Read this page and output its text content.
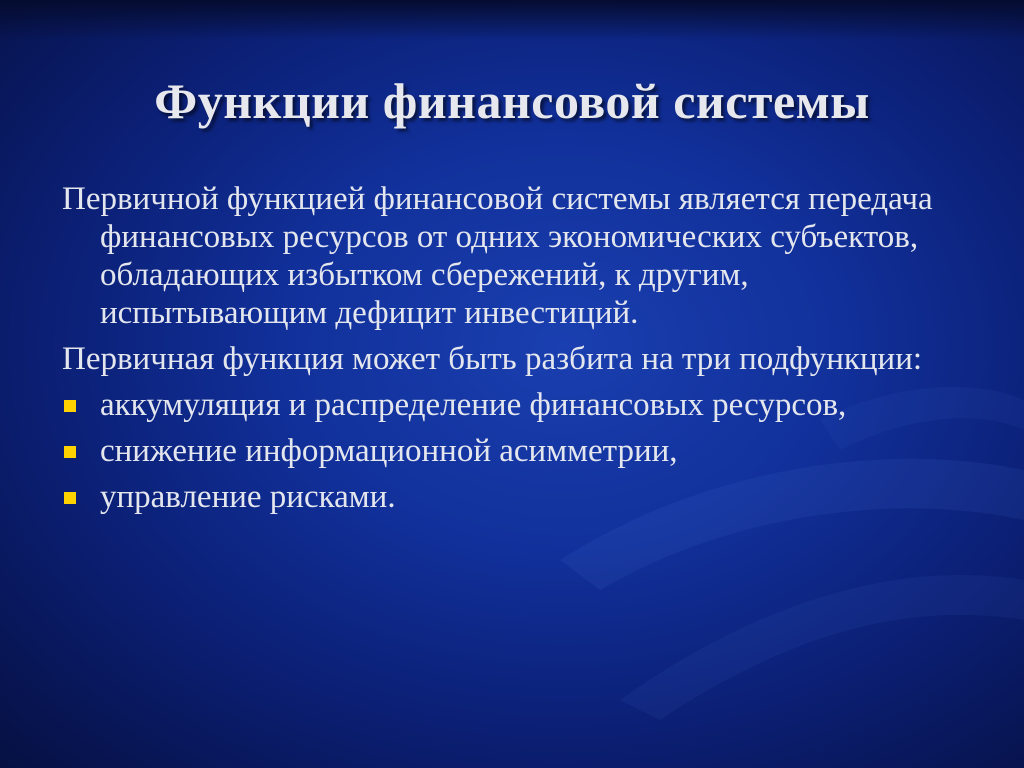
Функции финансовой системы

Первичной функцией финансовой системы является передача финансовых ресурсов от одних экономических субъектов, обладающих избытком сбережений, к другим, испытывающим дефицит инвестиций.

Первичная функция может быть разбита на три подфункции:

аккумуляция и распределение финансовых ресурсов,
снижение информационной асимметрии,
управление рисками.
